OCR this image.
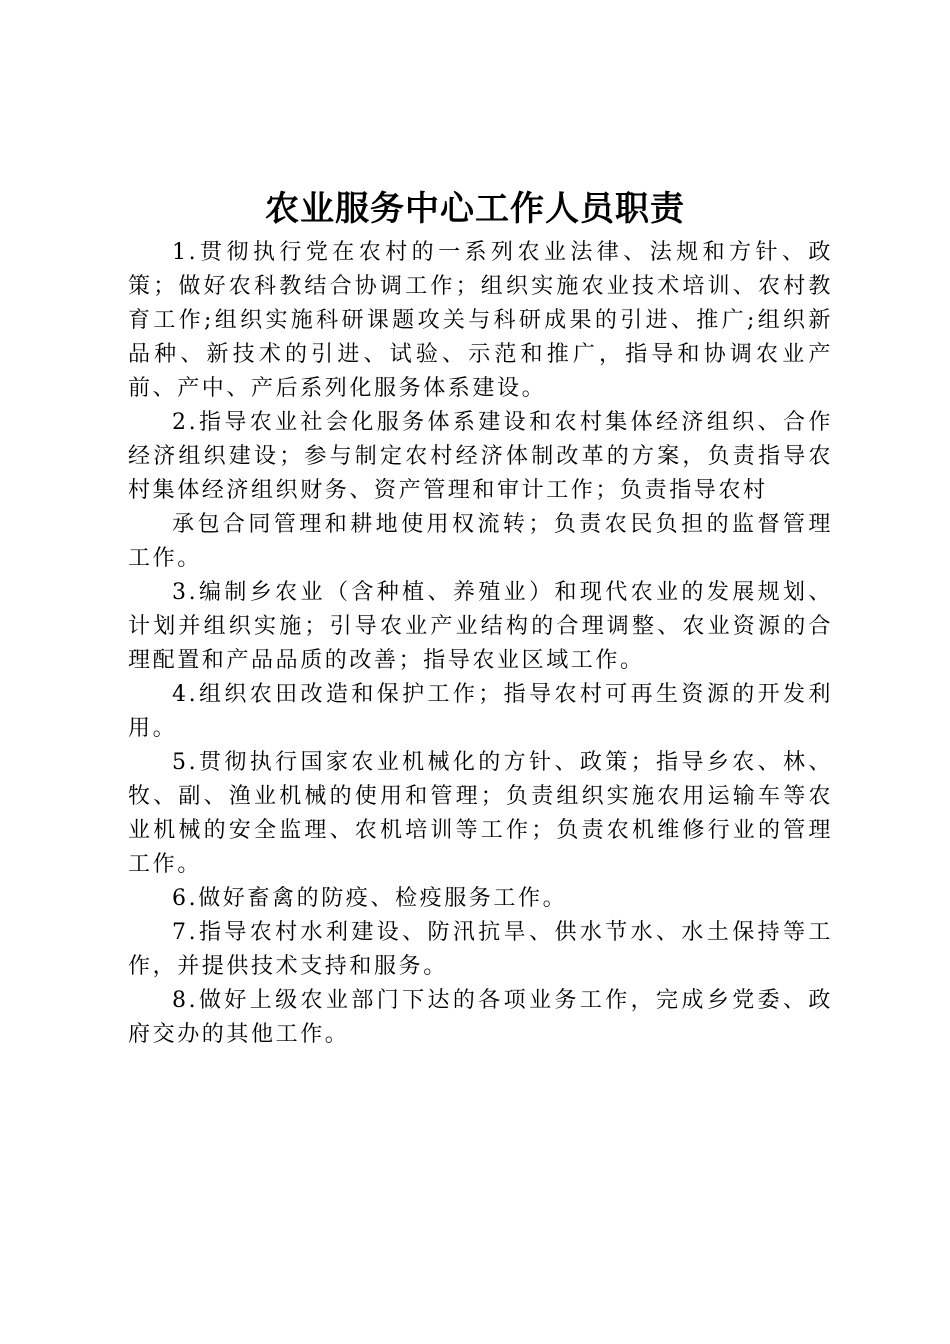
农业服务中心工作人员职责

1.贯彻执行党在农村的一系列农业法律、法规和方针、政策；做好农科教结合协调工作；组织实施农业技术培训、农村教育工作;组织实施科研课题攻关与科研成果的引进、推广;组织新品种、新技术的引进、试验、示范和推广，指导和协调农业产前、产中、产后系列化服务体系建设。

2.指导农业社会化服务体系建设和农村集体经济组织、合作经济组织建设；参与制定农村经济体制改革的方案，负责指导农村集体经济组织财务、资产管理和审计工作；负责指导农村

承包合同管理和耕地使用权流转；负责农民负担的监督管理工作。

3.编制乡农业（含种植、养殖业）和现代农业的发展规划、计划并组织实施；引导农业产业结构的合理调整、农业资源的合理配置和产品品质的改善；指导农业区域工作。

4.组织农田改造和保护工作；指导农村可再生资源的开发利用。

5.贯彻执行国家农业机械化的方针、政策；指导乡农、林、牧、副、渔业机械的使用和管理；负责组织实施农用运输车等农业机械的安全监理、农机培训等工作；负责农机维修行业的管理工作。

6.做好畜禽的防疫、检疫服务工作。

7.指导农村水利建设、防汛抗旱、供水节水、水土保持等工作，并提供技术支持和服务。

8.做好上级农业部门下达的各项业务工作，完成乡党委、政府交办的其他工作。
